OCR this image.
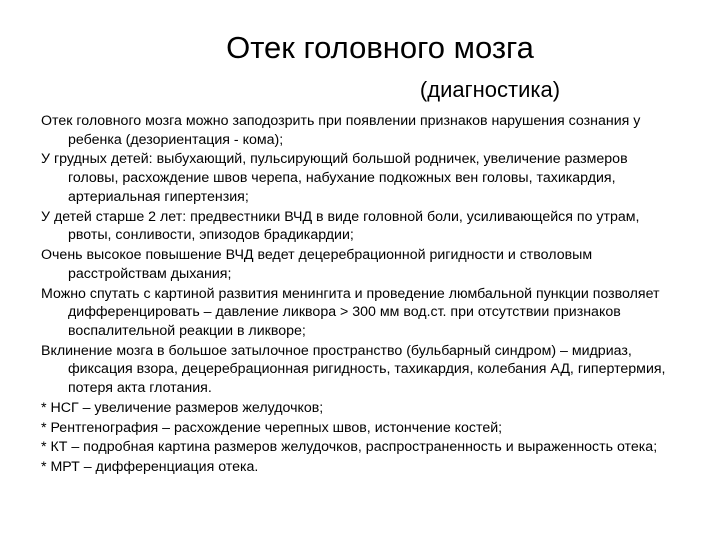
Отек головного мозга
(диагностика)
Отек головного мозга можно заподозрить при появлении признаков нарушения сознания у ребенка (дезориентация - кома);
У грудных детей: выбухающий, пульсирующий большой родничек, увеличение размеров головы, расхождение швов черепа, набухание подкожных вен головы, тахикардия, артериальная гипертензия;
У детей старше 2 лет: предвестники ВЧД в виде головной боли, усиливающейся по утрам, рвоты, сонливости, эпизодов брадикардии;
Очень высокое повышение ВЧД ведет децеребрационной ригидности и стволовым расстройствам дыхания;
Можно спутать с картиной развития менингита и проведение люмбальной пункции позволяет дифференцировать – давление ликвора > 300 мм вод.ст. при отсутствии признаков воспалительной реакции в ликворе;
Вклинение мозга в большое затылочное пространство (бульбарный синдром) – мидриаз, фиксация взора, децеребрационная ригидность, тахикардия, колебания АД, гипертермия, потеря акта глотания.
* НСГ – увеличение размеров желудочков;
* Рентгенография – расхождение черепных швов, истончение костей;
* КТ – подробная картина размеров желудочков, распространенность и выраженность отека;
* МРТ – дифференциация отека.
